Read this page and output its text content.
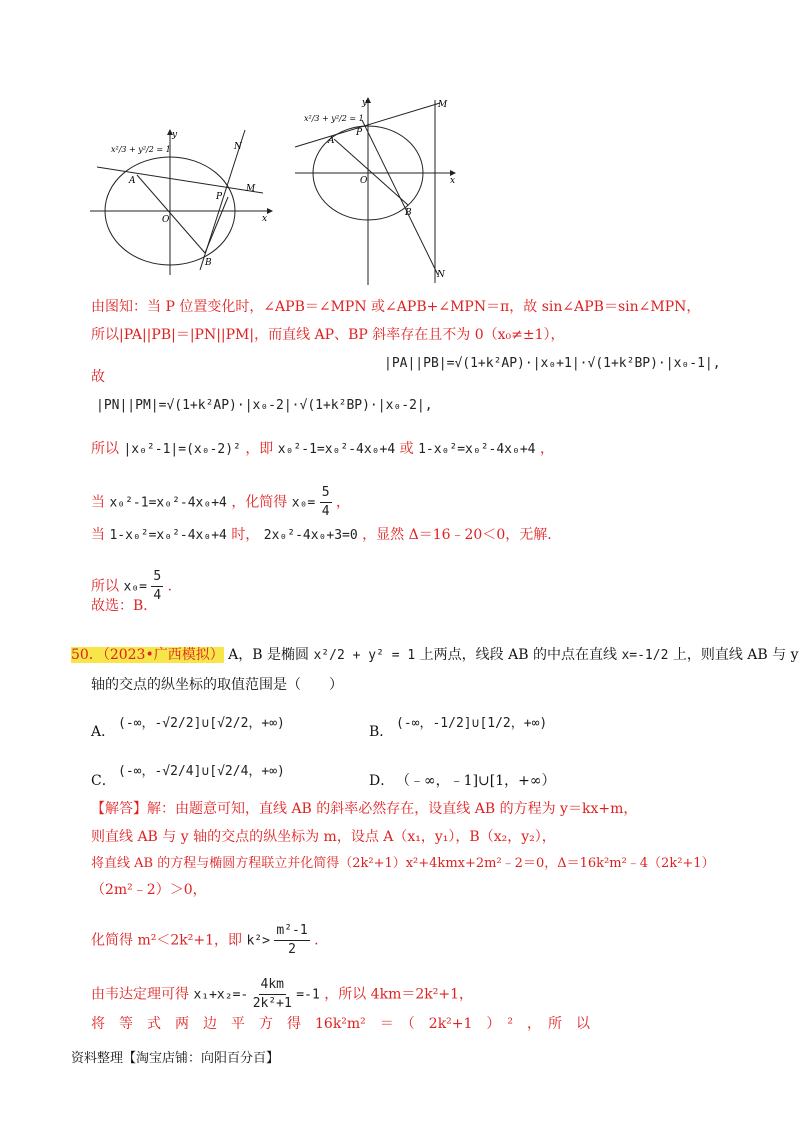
y
x
O
A
B
P
M
N
x²/3 + y²/2 = 1
y
x
O
A
B
P
M
N
x²/3 + y²/2 = 1
由图知：当 P 位置变化时，∠APB＝∠MPN 或∠APB+∠MPN＝π，故 sin∠APB＝sin∠MPN，
所以|PA||PB|＝|PN||PM|，而直线 AP、BP 斜率存在且不为 0（x₀≠±1），
|PA||PB|=√(1+k²AP)·|x₀+1|·√(1+k²BP)·|x₀-1|,
故
|PN||PM|=√(1+k²AP)·|x₀-2|·√(1+k²BP)·|x₀-2|,
所以 |x₀²-1|=(x₀-2)² ，即 x₀²-1=x₀²-4x₀+4 或 1-x₀²=x₀²-4x₀+4 ，
当 x₀²-1=x₀²-4x₀+4 ，化简得 $x_0= \frac{5}{4}$ ，
当 1-x₀²=x₀²-4x₀+4 时， 2x₀²-4x₀+3=0 ，显然 Δ＝16﹣20＜0，无解.
所以 $x_0= \frac{5}{4}$ .
故选：B．
50．（2023•广西模拟） A，B 是椭圆 x²/2 + y² = 1 上两点，线段 AB 的中点在直线 x=-1/2 上，则直线 AB 与 y
轴的交点的纵坐标的取值范围是（　　）
A．
(-∞，-√2/2]∪[√2/2，+∞)
B．
(-∞，-1/2]∪[1/2，+∞)
C．
(-∞，-√2/4]∪[√2/4，+∞)
D． （﹣∞，﹣1]∪[1，+∞）
【解答】解：由题意可知，直线 AB 的斜率必然存在，设直线 AB 的方程为 y＝kx+m，
则直线 AB 与 y 轴的交点的纵坐标为 m，设点 A（x₁，y₁），B（x₂，y₂），
将直线 AB 的方程与椭圆方程联立并化简得（2k²+1）x²+4kmx+2m²﹣2＝0，Δ＝16k²m²﹣4（2k²+1）
（2m²﹣2）＞0，
化简得 m²＜2k²+1，即 $k^2> \frac{\text{m²-1}}{2}$ .
由韦达定理可得 $x_1+x_2=- \frac{4km}{\text{2k²+1}} =-1$ ，所以 4km＝2k²+1，
将　等　式　两　边　平　方　得　16k²m²　＝　（　2k²+1　）　²　，　所　以
资料整理【淘宝店铺：向阳百分百】
